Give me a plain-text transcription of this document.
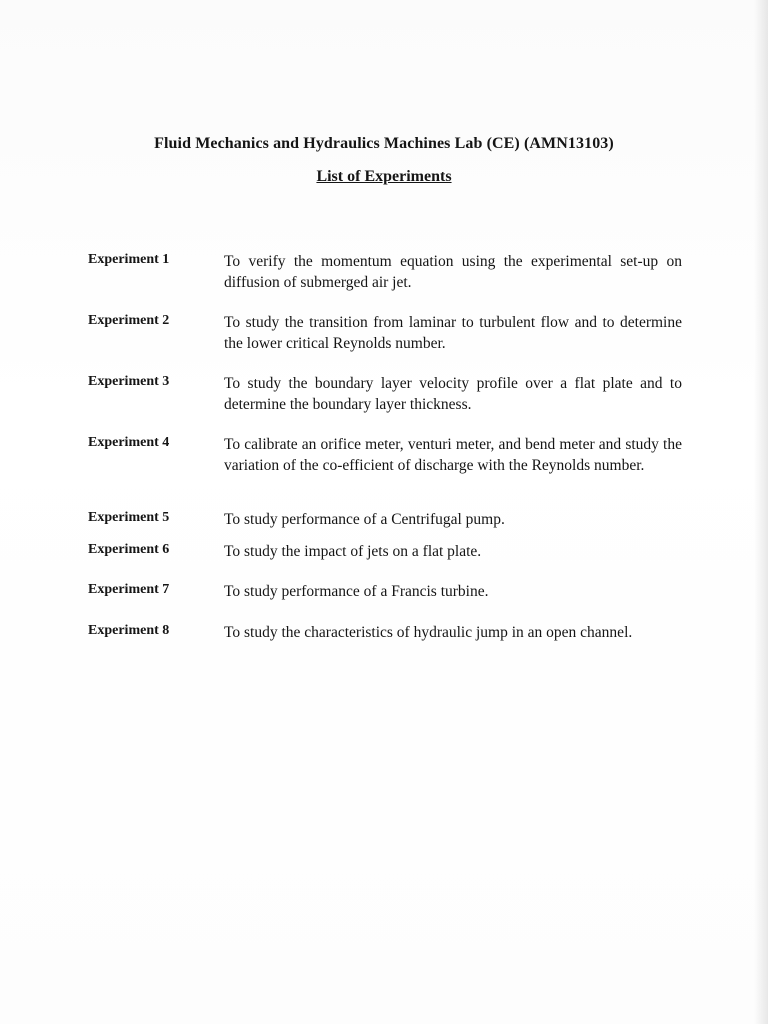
Fluid Mechanics and Hydraulics Machines Lab (CE) (AMN13103)
List of Experiments
Experiment 1	To verify the momentum equation using the experimental set-up on diffusion of submerged air jet.
Experiment 2	To study the transition from laminar to turbulent flow and to determine the lower critical Reynolds number.
Experiment 3	To study the boundary layer velocity profile over a flat plate and to determine the boundary layer thickness.
Experiment 4	To calibrate an orifice meter, venturi meter, and bend meter and study the variation of the co-efficient of discharge with the Reynolds number.
Experiment 5	To study performance of a Centrifugal pump.
Experiment 6	To study the impact of jets on a flat plate.
Experiment 7	To study performance of a Francis turbine.
Experiment 8	To study the characteristics of hydraulic jump in an open channel.
